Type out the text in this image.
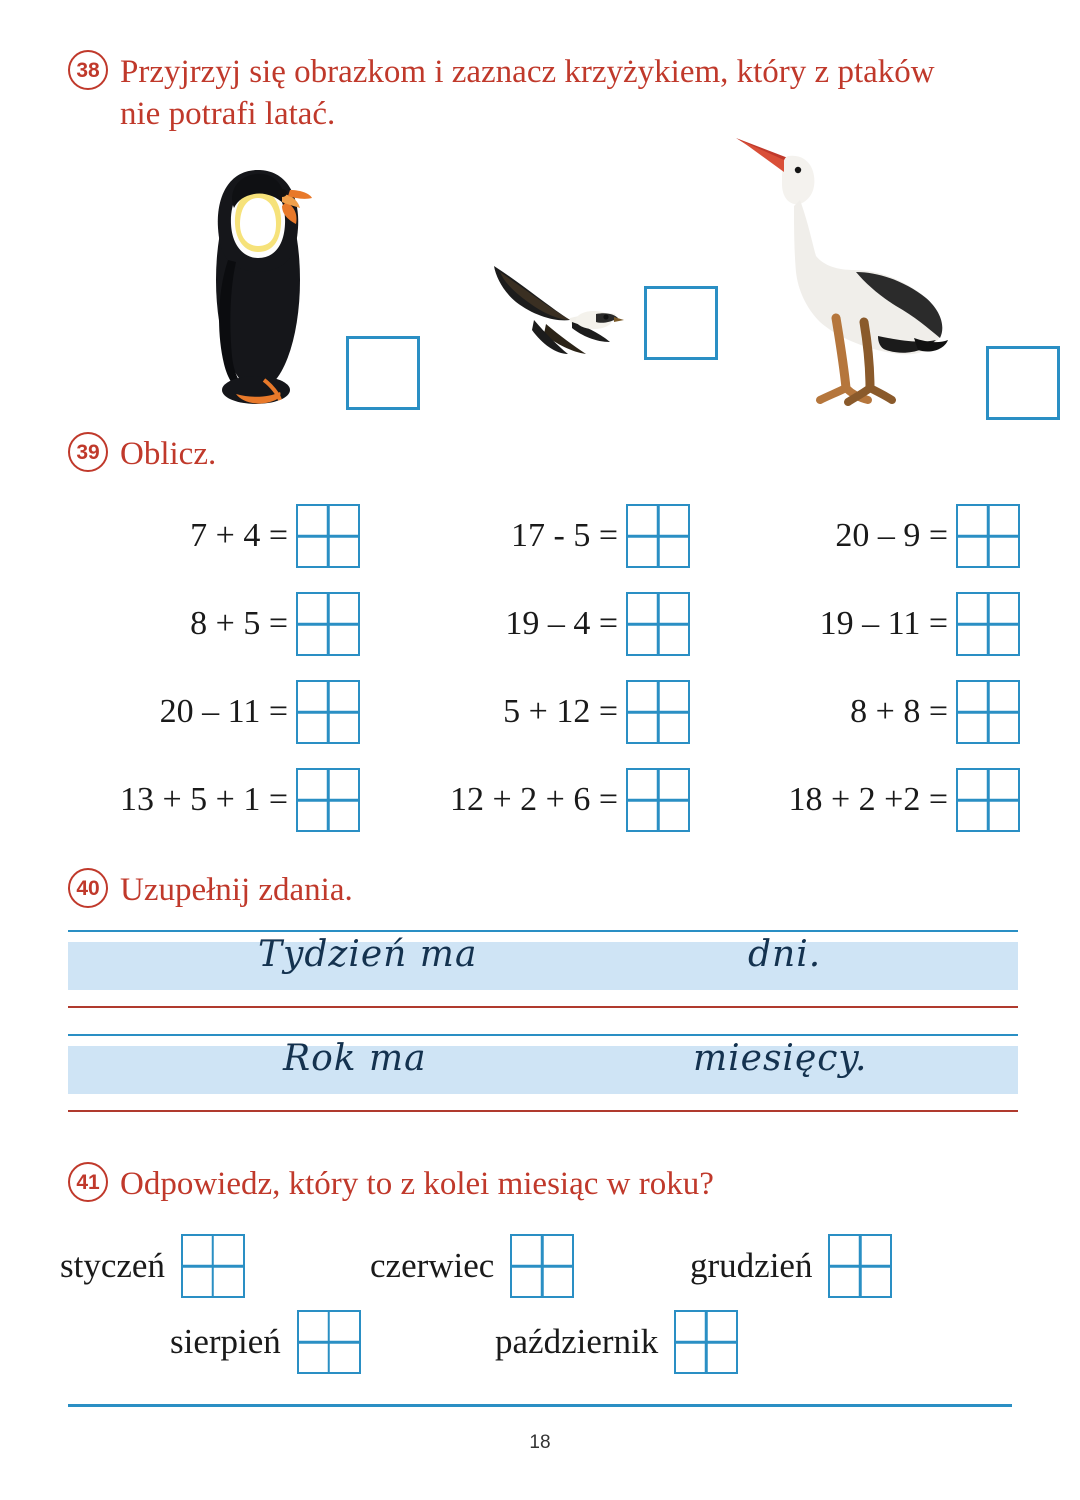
38 Przyjrzyj się obrazkom i zaznacz krzyżykiem, który z ptaków nie potrafi latać.
39 Oblicz.
7 + 4 =	17 - 5 =	20 – 9 =
8 + 5 =	19 – 4 =	19 – 11 =
20 – 11 =	5 + 12 =	8 + 8 =
13 + 5 + 1 =	12 + 2 + 6 =	18 + 2 +2 =
40 Uzupełnij zdania.
Tydzień ma	dni.
Rok ma	miesięcy.
41 Odpowiedz, który to z kolei miesiąc w roku?
styczeń	czerwiec	grudzień
sierpień	październik
18
